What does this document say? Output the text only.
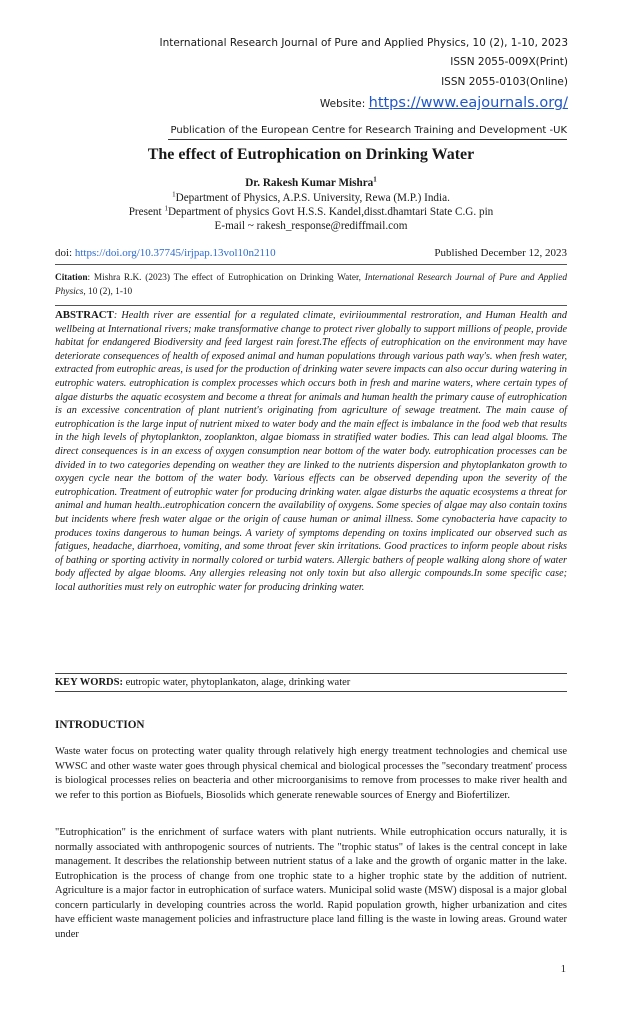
International Research Journal of Pure and Applied Physics, 10 (2), 1-10, 2023
ISSN 2055-009X(Print)
ISSN 2055-0103(Online)
Website: https://www.eajournals.org/
Publication of the European Centre for Research Training and Development -UK
The effect of Eutrophication on Drinking Water
Dr. Rakesh Kumar Mishra$^1$
$^1$Department of Physics, A.P.S. University, Rewa (M.P.) India.
Present $^1$Department of physics Govt H.S.S. Kandel,disst.dhamtari State C.G. pin
E-mail ~ rakesh_response@rediffmail.com
doi: https://doi.org/10.37745/irjpap.13vol10n2110	Published December 12, 2023
Citation: Mishra R.K. (2023) The effect of Eutrophication on Drinking Water, International Research Journal of Pure and Applied Physics, 10 (2), 1-10
ABSTRACT: Health river are essential for a regulated climate, eviriioummental restroration, and Human Health and wellbeing at International rivers; make transformative change to protect river globally to support millions of people, provide habitat for endangered Biodiversity and feed largest rain forest.The effects of eutrophication on the environment may have deteriorate consequences of health of exposed animal and human populations through various path way's. when fresh water, extracted from eutrophic areas, is used for the production of drinking water severe impacts can also occur during watering in eutrophic waters. eutrophication is complex processes which occurs both in fresh and marine waters, where certain types of algae disturbs the aquatic ecosystem and become a threat for animals and human health the primary cause of eutrophication is an excessive concentration of plant nutrient's originating from agriculture of sewage treatment. The main cause of eutrophication is the large input of nutrient mixed to water body and the main effect is imbalance in the food web that results in the high levels of phytoplankton, zooplankton, algae biomass in stratified water bodies. This can lead algal blooms. The direct consequences is in an excess of oxygen consumption near bottom of the water body. eutrophication processes can be divided in to two categories depending on weather they are linked to the nutrients dispersion and phytoplankaton growth to oxygen cycle near the bottom of the water body. Various effects can be observed depending upon the severity of the eutrophication. Treatment of eutrophic water for producing drinking water. algae disturbs the aquatic ecosystems a threat for animal and human health..eutrophication concern the availability of oxygens. Some species of algae may also contain toxins but incidents where fresh water algae or the origin of cause human or animal illness. Some cynobacteria have capacity to produces toxins dangerous to human beings. A variety of symptoms depending on toxins implicated our observed such as fatigues, headache, diarrhoea, vomiting, and some throat fever skin irritations. Good practices to inform people about risks of bathing or sporting activity in normally colored or turbid waters. Allergic bathers of people walking along shore of water body affected by algae blooms. Any allergies releasing not only toxin but also allergic compounds.In some specific case; local authorities must rely on eutrophic water for producing drinking water.
KEY WORDS: eutropic water, phytoplankaton, alage, drinking water
INTRODUCTION
Waste water focus on protecting water quality through relatively high energy treatment technologies and chemical use WWSC and other waste water goes through physical chemical and biological processes the "secondary treatment' process is biological processes relies on beacteria and other microorganisims to remove from processes to make river health and we refer to this portion as Biofuels, Biosolids which generate renewable sources of Energy and Biofertilizer.
"Eutrophication" is the enrichment of surface waters with plant nutrients. While eutrophication occurs naturally, it is normally associated with anthropogenic sources of nutrients. The "trophic status" of lakes is the central concept in lake management. It describes the relationship between nutrient status of a lake and the growth of organic matter in the lake. Eutrophication is the process of change from one trophic state to a higher trophic state by the addition of nutrient. Agriculture is a major factor in eutrophication of surface waters. Municipal solid waste (MSW) disposal is a major global concern particularly in developing countries across the world. Rapid population growth, higher urbanization and cites have efficient waste management policies and infrastructure place land filling is the waste in lowing areas. Ground water under
1
